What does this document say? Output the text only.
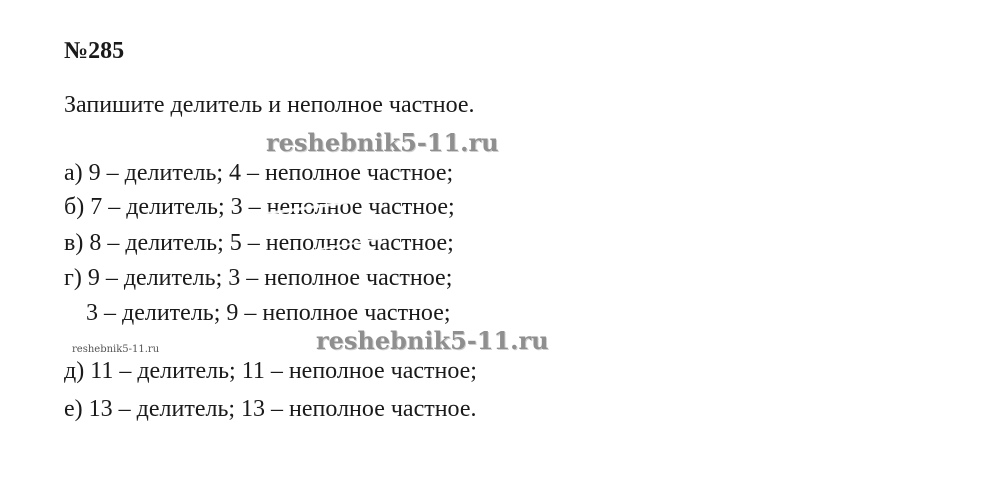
№285
Запишите делитель и неполное частное.
reshebnik5-11.ru
а) 9 – делитель; 4 – неполное частное;
б) 7 – делитель; 3 – неполное частное;
в) 8 – делитель; 5 – неполное частное;
г) 9 – делитель; 3 – неполное частное;
3 – делитель; 9 – неполное частное;
reshebnik5-11.ru
reshebnik5-11.ru
д) 11 – делитель; 11 – неполное частное;
е) 13 – делитель; 13 – неполное частное.
